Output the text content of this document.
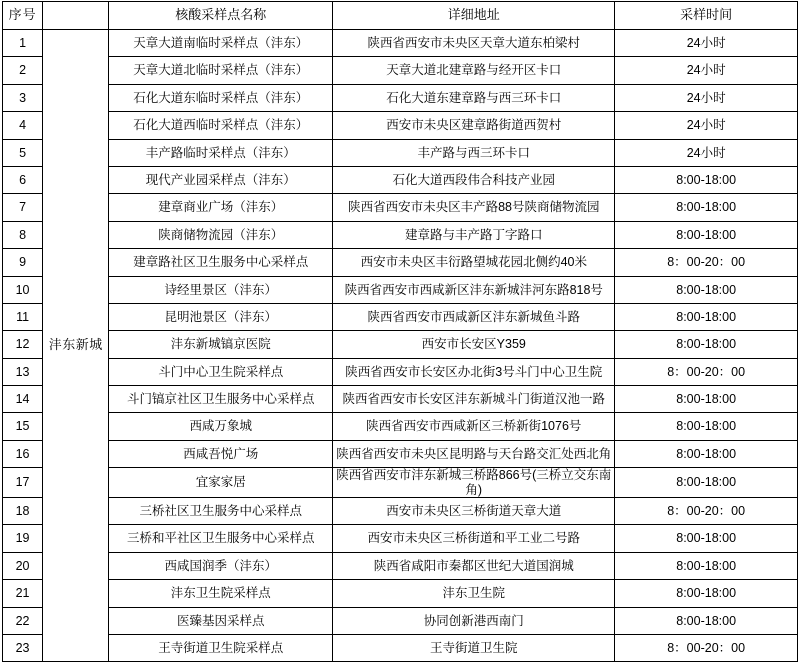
序号		核酸采样点名称	详细地址	采样时间
1	沣东新城	天章大道南临时采样点（沣东）	陕西省西安市未央区天章大道东柏梁村	24小时
2		天章大道北临时采样点（沣东）	天章大道北建章路与经开区卡口	24小时
3		石化大道东临时采样点（沣东）	石化大道东建章路与西三环卡口	24小时
4		石化大道西临时采样点（沣东）	西安市未央区建章路街道西贺村	24小时
5		丰产路临时采样点（沣东）	丰产路与西三环卡口	24小时
6		现代产业园采样点（沣东）	石化大道西段伟合科技产业园	8:00-18:00
7		建章商业广场（沣东）	陕西省西安市未央区丰产路88号陕商储物流园	8:00-18:00
8		陕商储物流园（沣东）	建章路与丰产路丁字路口	8:00-18:00
9		建章路社区卫生服务中心采样点	西安市未央区丰衍路望城花园北侧约40米	8：00-20：00
10		诗经里景区（沣东）	陕西省西安市西咸新区沣东新城沣河东路818号	8:00-18:00
11		昆明池景区（沣东）	陕西省西安市西咸新区沣东新城鱼斗路	8:00-18:00
12		沣东新城镐京医院	西安市长安区Y359	8:00-18:00
13		斗门中心卫生院采样点	陕西省西安市长安区办北街3号斗门中心卫生院	8：00-20：00
14		斗门镐京社区卫生服务中心采样点	陕西省西安市长安区沣东新城斗门街道汉池一路	8:00-18:00
15		西咸万象城	陕西省西安市西咸新区三桥新街1076号	8:00-18:00
16		西咸吾悦广场	陕西省西安市未央区昆明路与天台路交汇处西北角	8:00-18:00
17		宜家家居	陕西省西安市沣东新城三桥路866号(三桥立交东南角)	8:00-18:00
18		三桥社区卫生服务中心采样点	西安市未央区三桥街道天章大道	8：00-20：00
19		三桥和平社区卫生服务中心采样点	西安市未央区三桥街道和平工业二号路	8:00-18:00
20		西咸国润季（沣东）	陕西省咸阳市秦都区世纪大道国润城	8:00-18:00
21		沣东卫生院采样点	沣东卫生院	8:00-18:00
22		医臻基因采样点	协同创新港西南门	8:00-18:00
23		王寺街道卫生院采样点	王寺街道卫生院	8：00-20：00
